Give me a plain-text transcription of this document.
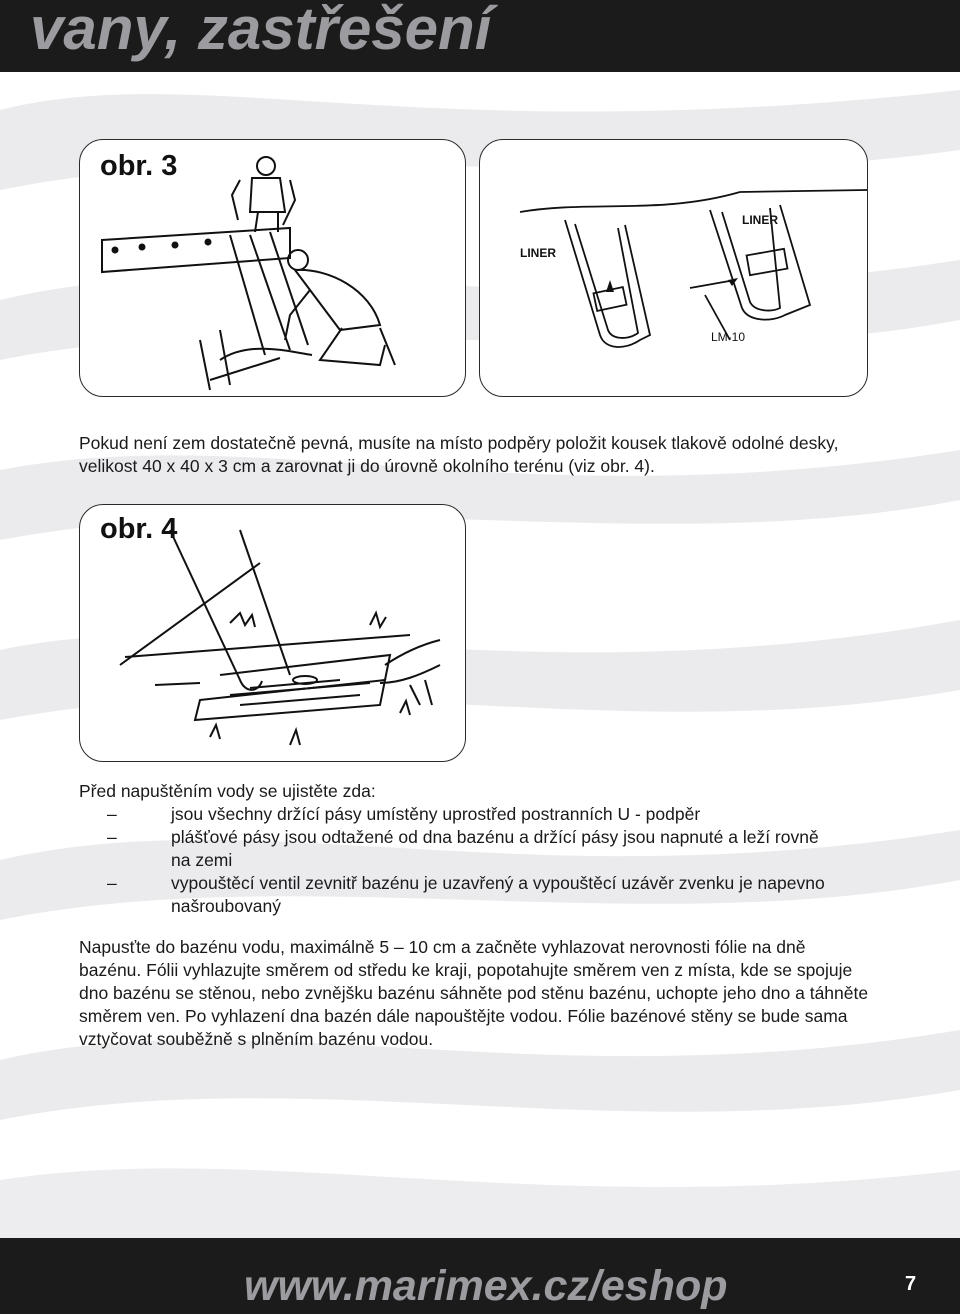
vany, zastřešení
obr. 3
LINER
LINER
LM-10
Pokud není zem dostatečně pevná, musíte na místo podpěry položit kousek tlakově odolné desky, velikost 40 x 40 x 3 cm a zarovnat ji do úrovně okolního terénu (viz obr. 4).
obr. 4
Před napuštěním vody se ujistěte zda:
–	jsou všechny držící pásy umístěny uprostřed postranních U - podpěr
–	plášťové pásy jsou odtažené od dna bazénu a držící pásy jsou napnuté a leží rovně na zemi
–	vypouštěcí ventil zevnitř bazénu je uzavřený a vypouštěcí uzávěr zvenku je napevno našroubovaný
Napusťte do bazénu vodu, maximálně 5 – 10 cm a začněte vyhlazovat nerovnosti fólie na dně bazénu. Fólii vyhlazujte směrem od středu ke kraji, popotahujte směrem ven z místa, kde se spojuje dno bazénu se stěnou, nebo zvnějšku bazénu sáhněte pod stěnu bazénu, uchopte jeho dno a táhněte směrem ven. Po vyhlazení dna bazén dále napouštějte vodou. Fólie bazénové stěny se bude sama vztyčovat souběžně s plněním bazénu vodou.
www.marimex.cz/eshop	7
